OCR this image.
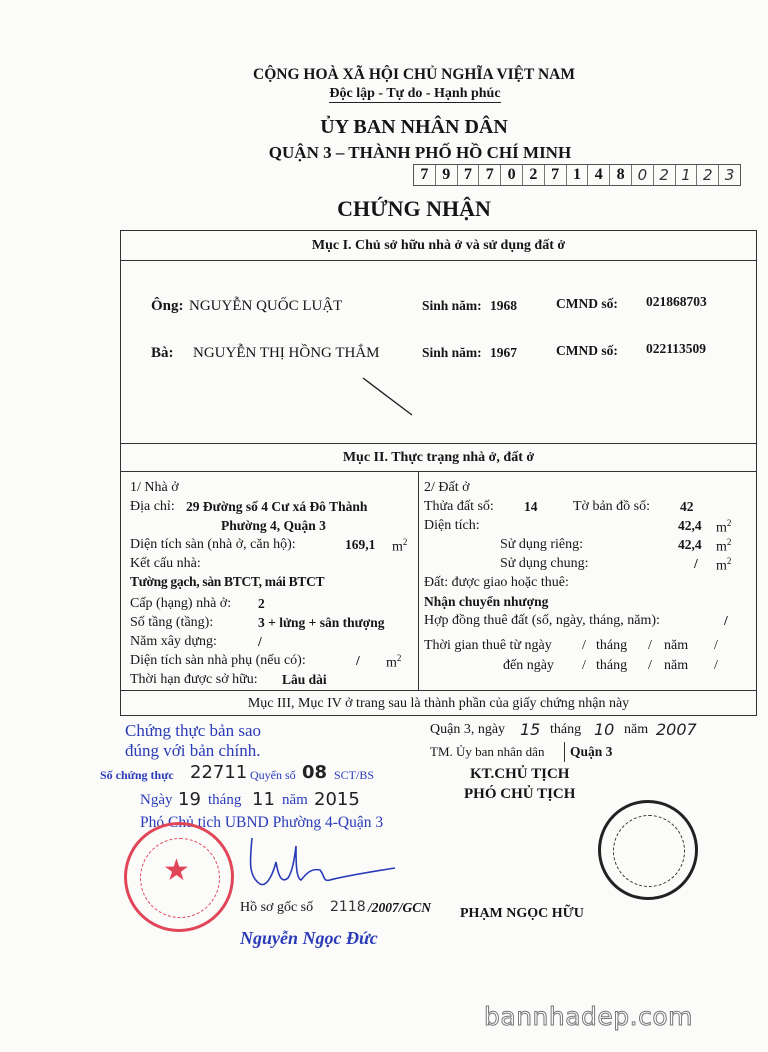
CỘNG HOÀ XÃ HỘI CHỦ NGHĨA VIỆT NAM
Độc lập - Tự do - Hạnh phúc
ỦY BAN NHÂN DÂN
QUẬN 3 – THÀNH PHỐ HỒ CHÍ MINH
7 9 7 7 0 2 7 1 4 8 0 2 1 2 3
CHỨNG NHẬN
Mục I. Chủ sở hữu nhà ở và sử dụng đất ở
Ông: NGUYỄN QUỐC LUẬT	Sinh năm: 1968	CMND số: 021868703
Bà: NGUYỄN THỊ HỒNG THẮM	Sinh năm: 1967	CMND số: 022113509
Mục II. Thực trạng nhà ở, đất ở
1/ Nhà ở
Địa chỉ: 29 Đường số 4 Cư xá Đô Thành
Phường 4, Quận 3
Diện tích sàn (nhà ở, căn hộ):	169,1 $m^2$
Kết cấu nhà:
Tường gạch, sàn BTCT, mái BTCT
Cấp (hạng) nhà ở: 2
Số tầng (tầng):	3 + lửng + sân thượng
Năm xây dựng:	/
Diện tích sàn nhà phụ (nếu có):	/ $m^2$
Thời hạn được sở hữu: Lâu dài
2/ Đất ở
Thửa đất số: 14	Tờ bản đồ số: 42
Diện tích:	42,4 $m^2$
Sử dụng riêng:	42,4 $m^2$
Sử dụng chung:	/ $m^2$
Đất: được giao hoặc thuê:
Nhận chuyển nhượng
Hợp đồng thuê đất (số, ngày, tháng, năm):	/
Thời gian thuê từ ngày / tháng / năm /
đến ngày / tháng / năm /
Mục III, Mục IV ở trang sau là thành phần của giấy chứng nhận này
Chứng thực bản sao
đúng với bản chính.
Số chứng thực 22711 Quyển số 08 SCT/BS
Ngày 19 tháng 11 năm 2015
Phó Chủ tịch UBND Phường 4-Quận 3
★
Hồ sơ gốc số 2118 /2007/GCN
Nguyễn Ngọc Đức
Quận 3, ngày 15 tháng 10 năm 2007
TM. Ủy ban nhân dân Quận 3
KT.CHỦ TỊCH
PHÓ CHỦ TỊCH
PHẠM NGỌC HỮU
bannhadep.com
